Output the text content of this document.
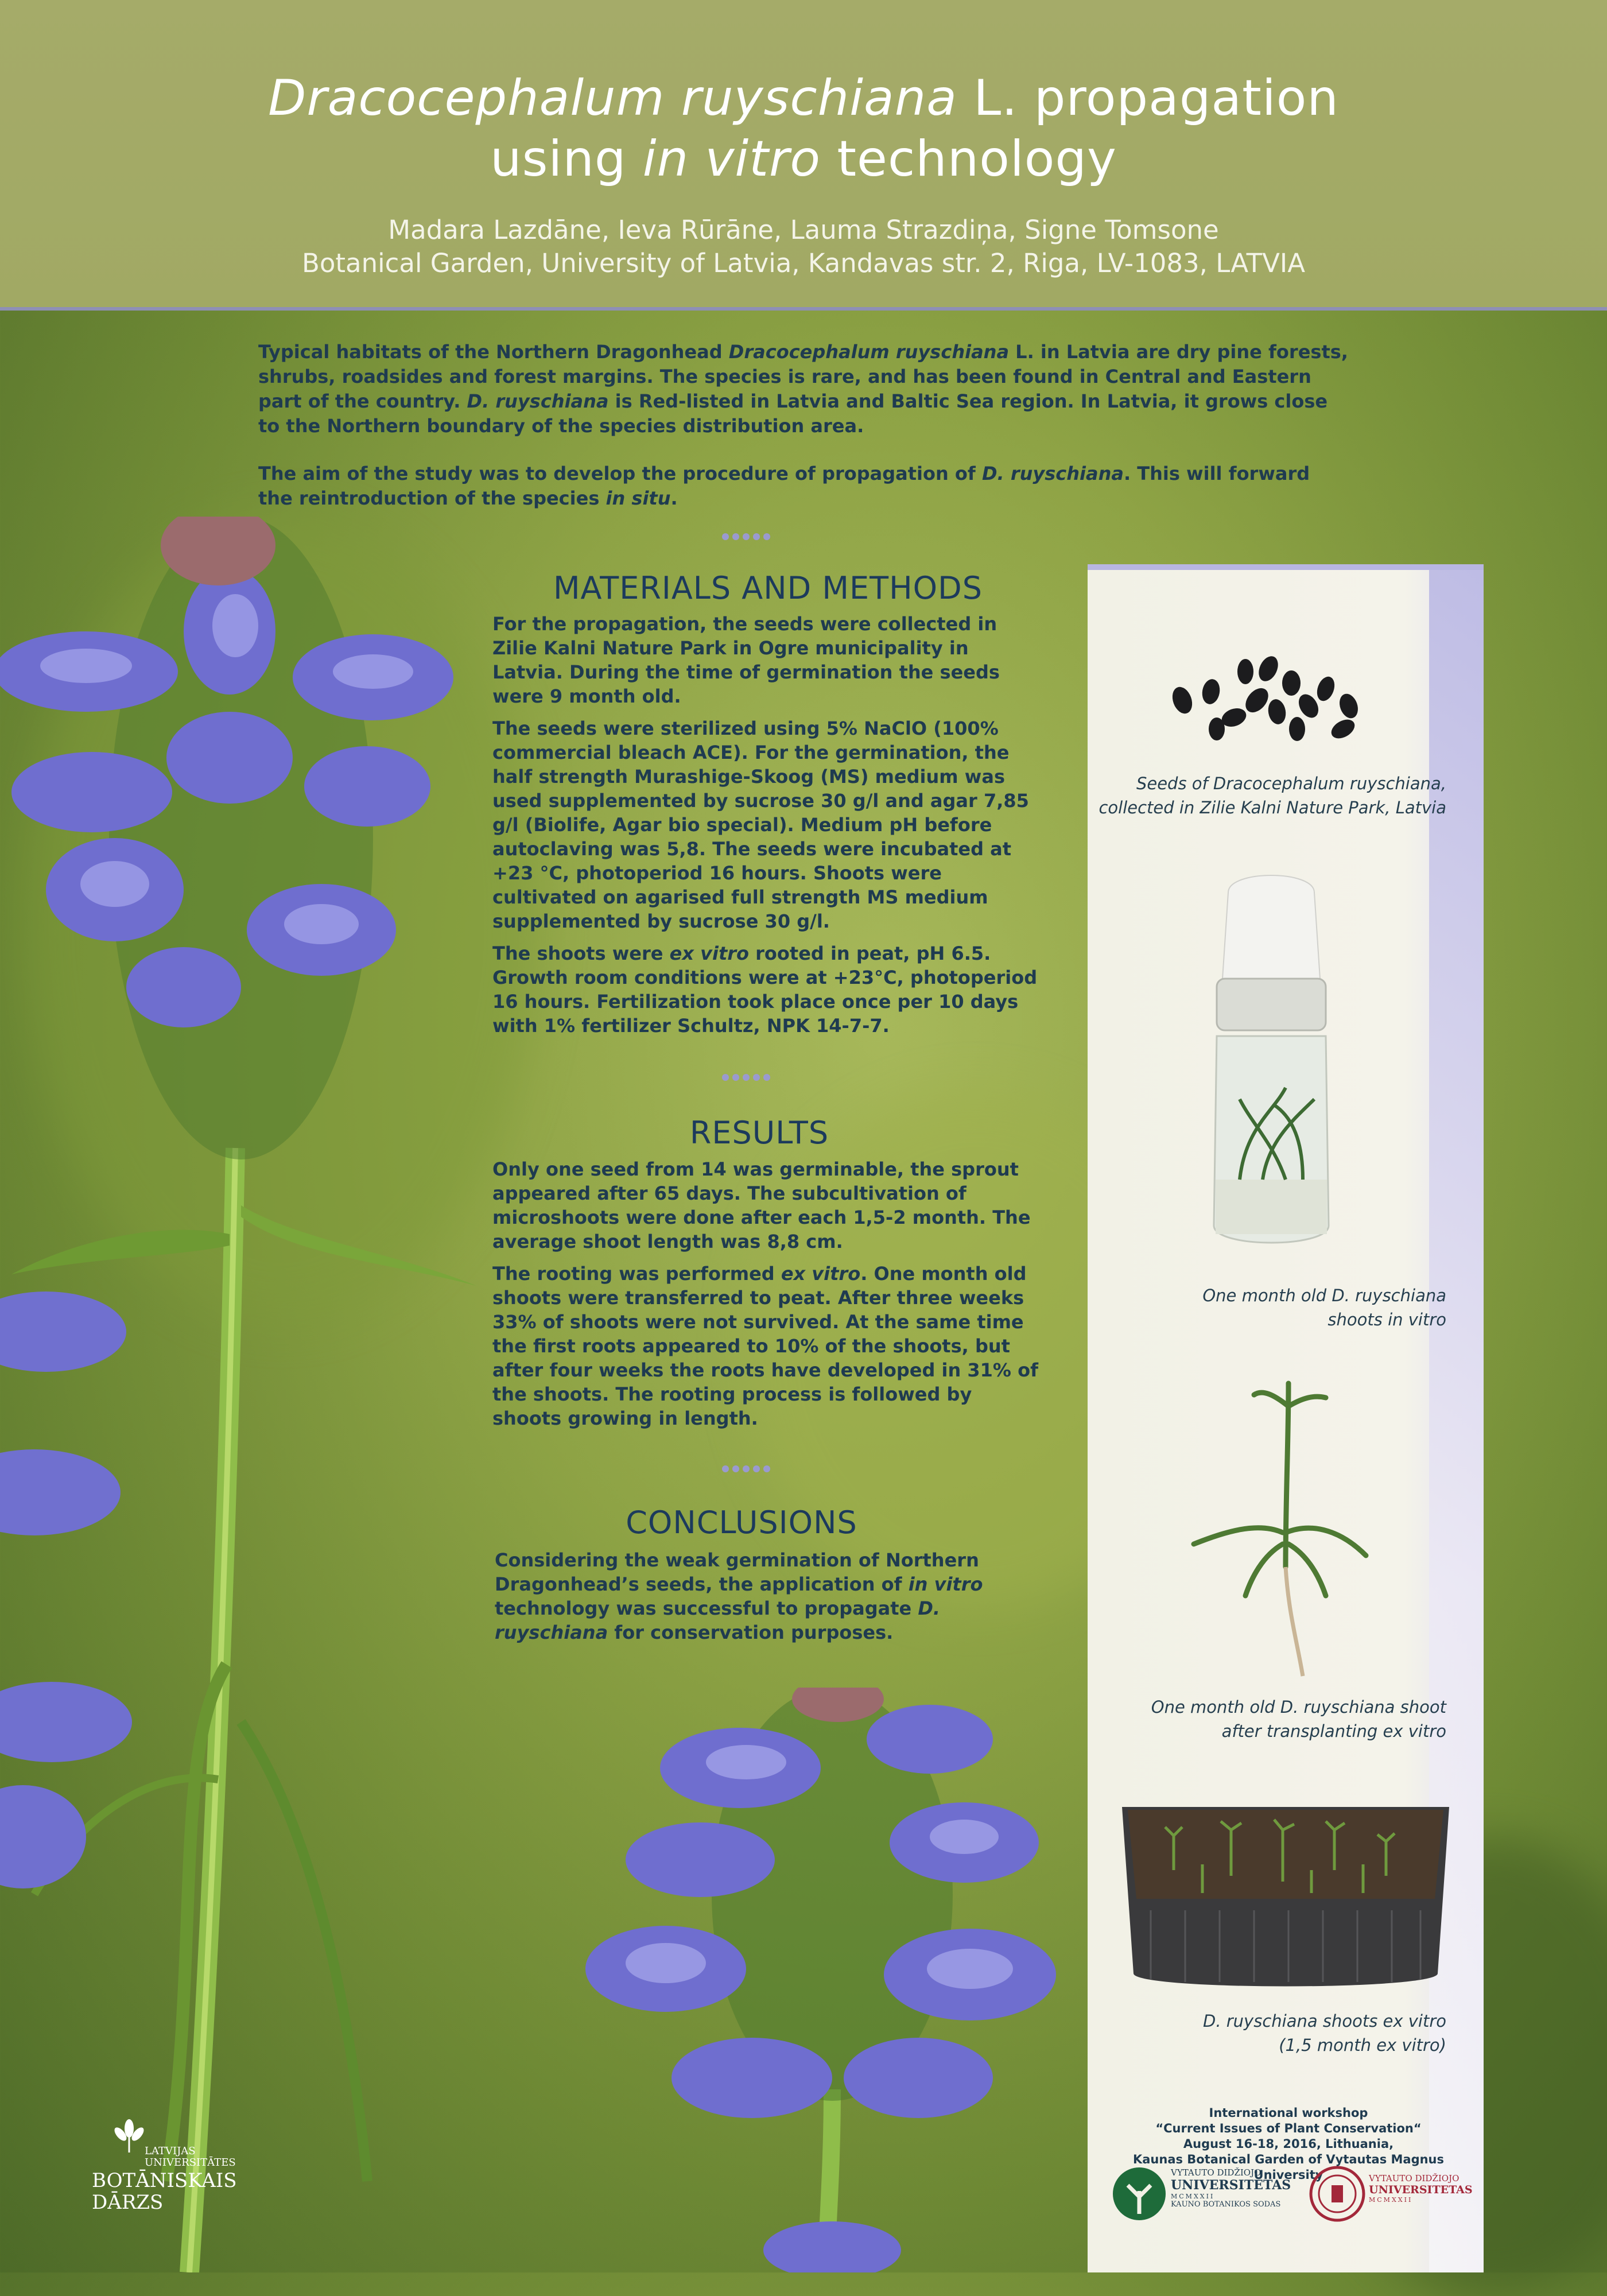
Dracocephalum ruyschiana L. propagation
using in vitro technology
Madara Lazdāne, Ieva Rūrāne, Lauma Strazdiņa, Signe Tomsone
Botanical Garden, University of Latvia, Kandavas str. 2, Riga, LV-1083, LATVIA

Typical habitats of the Northern Dragonhead Dracocephalum ruyschiana L. in Latvia are dry pine forests, shrubs, roadsides and forest margins. The species is rare, and has been found in Central and Eastern part of the country. D. ruyschiana is Red-listed in Latvia and Baltic Sea region. In Latvia, it grows close to the Northern boundary of the species distribution area.

The aim of the study was to develop the procedure of propagation of D. ruyschiana. This will forward the reintroduction of the species in situ.

MATERIALS AND METHODS

For the propagation, the seeds were collected in Zilie Kalni Nature Park in Ogre municipality in Latvia. During the time of germination the seeds were 9 month old.

The seeds were sterilized using 5% NaClO (100% commercial bleach ACE). For the germination, the half strength Murashige-Skoog (MS) medium was used supplemented by sucrose 30 g/l and agar 7,85 g/l (Biolife, Agar bio special). Medium pH before autoclaving was 5,8. The seeds were incubated at +23 °C, photoperiod 16 hours. Shoots were cultivated on agarised full strength MS medium supplemented by sucrose 30 g/l.

The shoots were ex vitro rooted in peat, pH 6.5. Growth room conditions were at +23°C, photoperiod 16 hours. Fertilization took place once per 10 days with 1% fertilizer Schultz, NPK 14-7-7.

RESULTS

Only one seed from 14 was germinable, the sprout appeared after 65 days. The subcultivation of microshoots were done after each 1,5-2 month. The average shoot length was 8,8 cm.

The rooting was performed ex vitro. One month old shoots were transferred to peat. After three weeks 33% of shoots were not survived. At the same time the first roots appeared to 10% of the shoots, but after four weeks the roots have developed in 31% of the shoots. The rooting process is followed by shoots growing in length.

CONCLUSIONS

Considering the weak germination of Northern Dragonhead’s seeds, the application of in vitro technology was successful to propagate D. ruyschiana for conservation purposes.

Seeds of Dracocephalum ruyschiana,
collected in Zilie Kalni Nature Park, Latvia
One month old D. ruyschiana
shoots in vitro
One month old D. ruyschiana shoot
after transplanting ex vitro
D. ruyschiana shoots ex vitro
(1,5 month ex vitro)
International workshop
“Current Issues of Plant Conservation“
August 16-18, 2016, Lithuania,
Kaunas Botanical Garden of Vytautas Magnus University
VYTAUTO DIDŽIOJO
UNIVERSITETAS
MCMXXII
KAUNO BOTANIKOS SODAS
VYTAUTO DIDŽIOJO
UNIVERSITETAS
MCMXXII
LATVIJAS
UNIVERSITĀTES
BOTĀNISKAIS
DĀRZS
